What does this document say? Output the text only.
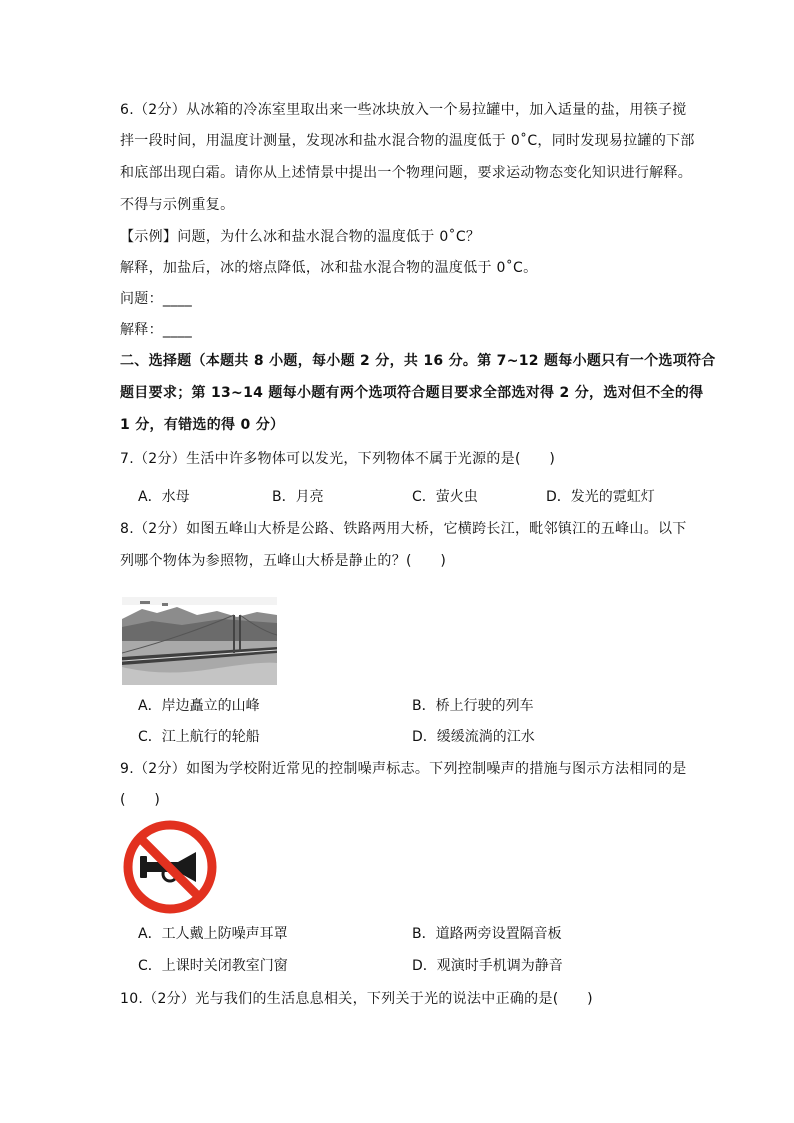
6.（2分）从冰箱的冷冻室里取出来一些冰块放入一个易拉罐中，加入适量的盐，用筷子搅
拌一段时间，用温度计测量，发现冰和盐水混合物的温度低于 0˚C，同时发现易拉罐的下部
和底部出现白霜。请你从上述情景中提出一个物理问题，要求运动物态变化知识进行解释。
不得与示例重复。
【示例】问题，为什么冰和盐水混合物的温度低于 0˚C？
解释，加盐后，冰的熔点降低，冰和盐水混合物的温度低于 0˚C。
问题：____
解释：____
二、选择题（本题共 8 小题，每小题 2 分，共 16 分。第 7~12 题每小题只有一个选项符合
题目要求；第 13~14 题每小题有两个选项符合题目要求全部选对得 2 分，选对但不全的得
1 分，有错选的得 0 分）
7.（2分）生活中许多物体可以发光，下列物体不属于光源的是(　　)
A．水母	B．月亮	C．萤火虫	D．发光的霓虹灯
8.（2分）如图五峰山大桥是公路、铁路两用大桥，它横跨长江，毗邻镇江的五峰山。以下
列哪个物体为参照物，五峰山大桥是静止的？(　　)
A．岸边矗立的山峰	B．桥上行驶的列车
C．江上航行的轮船	D．缓缓流淌的江水
9.（2分）如图为学校附近常见的控制噪声标志。下列控制噪声的措施与图示方法相同的是
(　　)
A．工人戴上防噪声耳罩	B．道路两旁设置隔音板
C．上课时关闭教室门窗	D．观演时手机调为静音
10.（2分）光与我们的生活息息相关，下列关于光的说法中正确的是(　　)
